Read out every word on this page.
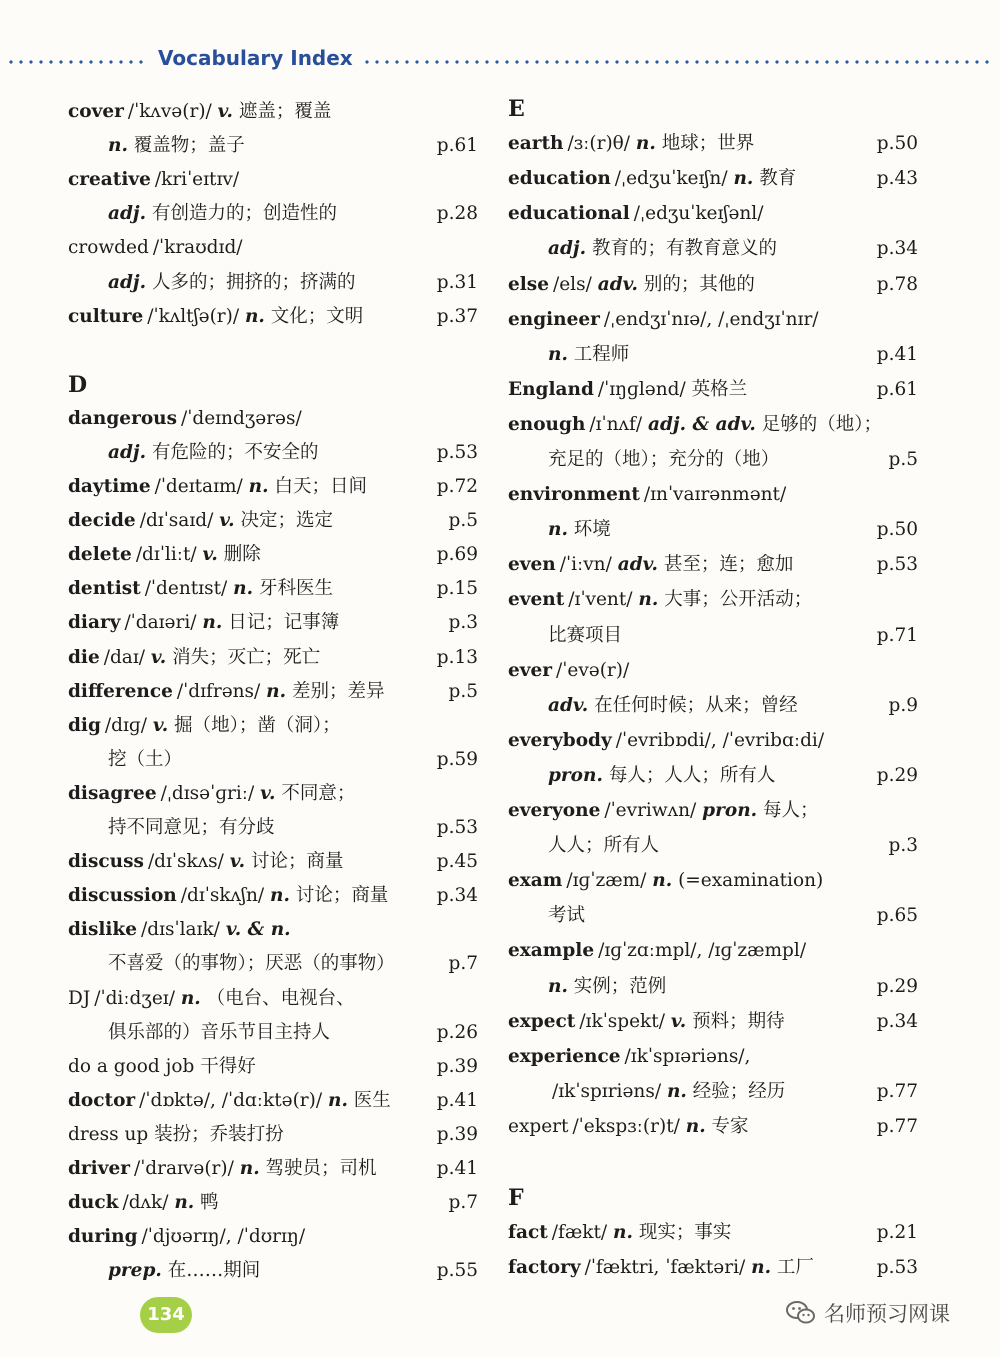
Vocabulary Index
cover /ˈkʌvə(r)/ v. 遮盖；覆盖
n. 覆盖物；盖子	p.61
creative /kriˈeɪtɪv/
adj. 有创造力的；创造性的	p.28
crowded /ˈkraʊdɪd/
adj. 人多的；拥挤的；挤满的	p.31
culture /ˈkʌltʃə(r)/ n. 文化；文明	p.37
D
dangerous /ˈdeɪndʒərəs/
adj. 有危险的；不安全的	p.53
daytime /ˈdeɪtaɪm/ n. 白天；日间	p.72
decide /dɪˈsaɪd/ v. 决定；选定	p.5
delete /dɪˈliːt/ v. 删除	p.69
dentist /ˈdentɪst/ n. 牙科医生	p.15
diary /ˈdaɪəri/ n. 日记；记事簿	p.3
die /daɪ/ v. 消失；灭亡；死亡	p.13
difference /ˈdɪfrəns/ n. 差别；差异	p.5
dig /dɪɡ/ v. 掘（地）；凿（洞）；
挖（土）	p.59
disagree /ˌdɪsəˈɡriː/ v. 不同意；
持不同意见；有分歧	p.53
discuss /dɪˈskʌs/ v. 讨论；商量	p.45
discussion /dɪˈskʌʃn/ n. 讨论；商量	p.34
dislike /dɪsˈlaɪk/ v. & n.
不喜爱（的事物）；厌恶（的事物）	p.7
DJ /ˈdiːdʒeɪ/ n. （电台、电视台、
俱乐部的）音乐节目主持人	p.26
do a good job 干得好	p.39
doctor /ˈdɒktə/, /ˈdɑːktə(r)/ n. 医生 p.41
dress up 装扮；乔装打扮	p.39
driver /ˈdraɪvə(r)/ n. 驾驶员；司机	p.41
duck /dʌk/ n. 鸭	p.7
during /ˈdjʊərɪŋ/, /ˈdʊrɪŋ/
prep. 在……期间	p.55
E
earth /ɜː(r)θ/ n. 地球；世界	p.50
education /ˌedʒuˈkeɪʃn/ n. 教育	p.43
educational /ˌedʒuˈkeɪʃənl/
adj. 教育的；有教育意义的	p.34
else /els/ adv. 别的；其他的	p.78
engineer /ˌendʒɪˈnɪə/, /ˌendʒɪˈnɪr/
n. 工程师	p.41
England /ˈɪŋɡlənd/ 英格兰	p.61
enough /ɪˈnʌf/ adj. & adv. 足够的（地）；
充足的（地）；充分的（地）	p.5
environment /ɪnˈvaɪrənmənt/
n. 环境	p.50
even /ˈiːvn/ adv. 甚至；连；愈加	p.53
event /ɪˈvent/ n. 大事；公开活动；
比赛项目	p.71
ever /ˈevə(r)/
adv. 在任何时候；从来；曾经	p.9
everybody /ˈevribɒdi/, /ˈevribɑːdi/
pron. 每人；人人；所有人	p.29
everyone /ˈevriwʌn/ pron. 每人；
人人；所有人	p.3
exam /ɪɡˈzæm/ n. (=examination)
考试	p.65
example /ɪɡˈzɑːmpl/, /ɪɡˈzæmpl/
n. 实例；范例	p.29
expect /ɪkˈspekt/ v. 预料；期待	p.34
experience /ɪkˈspɪəriəns/,
/ɪkˈspɪriəns/ n. 经验；经历	p.77
expert /ˈekspɜː(r)t/ n. 专家	p.77
F
fact /fækt/ n. 现实；事实	p.21
factory /ˈfæktri, ˈfæktəri/ n. 工厂	p.53
134	名师预习网课
